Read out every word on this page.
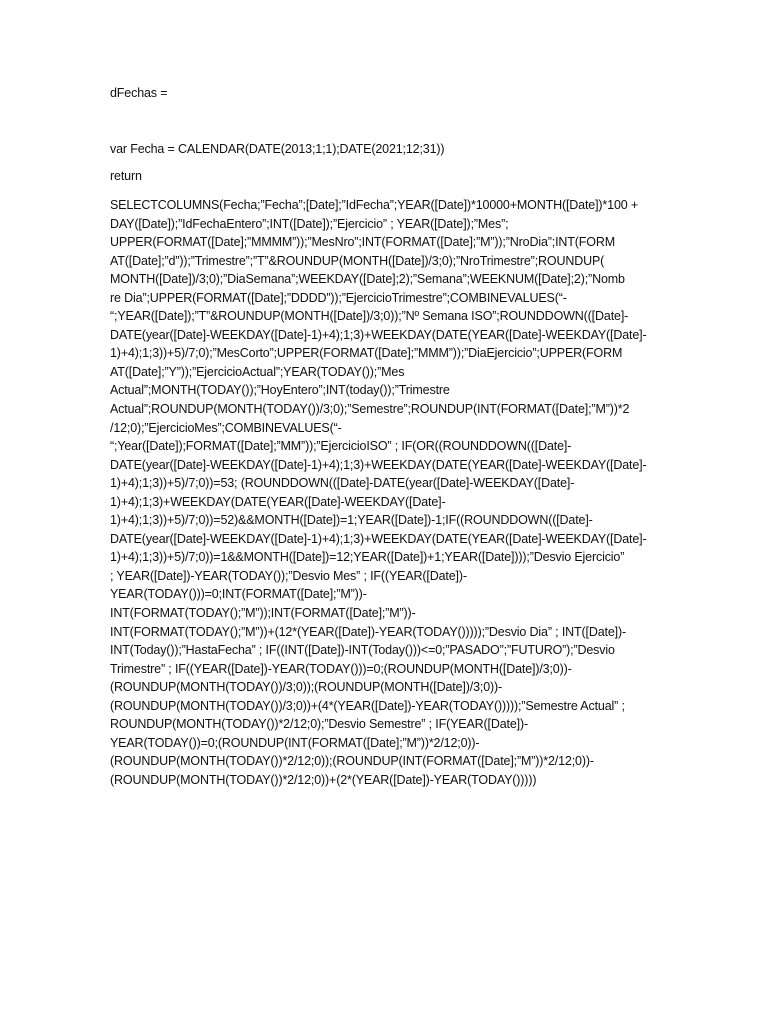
dFechas =

var Fecha = CALENDAR(DATE(2013;1;1);DATE(2021;12;31))

return

SELECTCOLUMNS(Fecha;”Fecha”;[Date];”IdFecha”;YEAR([Date])*10000+MONTH([Date])*100 +
DAY([Date]);”IdFechaEntero”;INT([Date]);”Ejercicio” ; YEAR([Date]);”Mes”;
UPPER(FORMAT([Date];”MMMM”));”MesNro”;INT(FORMAT([Date];”M”));”NroDia”;INT(FORM
AT([Date];”d”));”Trimestre”;”T”&ROUNDUP(MONTH([Date])/3;0);”NroTrimestre”;ROUNDUP(
MONTH([Date])/3;0);”DiaSemana”;WEEKDAY([Date];2);”Semana”;WEEKNUM([Date];2);”Nomb
re Dia”;UPPER(FORMAT([Date];”DDDD”));”EjercicioTrimestre”;COMBINEVALUES(“-
“;YEAR([Date]);”T”&ROUNDUP(MONTH([Date])/3;0));”Nº Semana ISO”;ROUNDDOWN(([Date]-
DATE(year([Date]-WEEKDAY([Date]-1)+4);1;3)+WEEKDAY(DATE(YEAR([Date]-WEEKDAY([Date]-
1)+4);1;3))+5)/7;0);”MesCorto”;UPPER(FORMAT([Date];”MMM”));”DiaEjercicio”;UPPER(FORM
AT([Date];”Y”));”EjercicioActual”;YEAR(TODAY());”Mes
Actual”;MONTH(TODAY());”HoyEntero”;INT(today());”Trimestre
Actual”;ROUNDUP(MONTH(TODAY())/3;0);”Semestre”;ROUNDUP(INT(FORMAT([Date];”M”))*2
/12;0);”EjercicioMes”;COMBINEVALUES(“-
“;Year([Date]);FORMAT([Date];”MM”));”EjercicioISO” ; IF(OR((ROUNDDOWN(([Date]-
DATE(year([Date]-WEEKDAY([Date]-1)+4);1;3)+WEEKDAY(DATE(YEAR([Date]-WEEKDAY([Date]-
1)+4);1;3))+5)/7;0))=53; (ROUNDDOWN(([Date]-DATE(year([Date]-WEEKDAY([Date]-
1)+4);1;3)+WEEKDAY(DATE(YEAR([Date]-WEEKDAY([Date]-
1)+4);1;3))+5)/7;0))=52)&&MONTH([Date])=1;YEAR([Date])-1;IF((ROUNDDOWN(([Date]-
DATE(year([Date]-WEEKDAY([Date]-1)+4);1;3)+WEEKDAY(DATE(YEAR([Date]-WEEKDAY([Date]-
1)+4);1;3))+5)/7;0))=1&&MONTH([Date])=12;YEAR([Date])+1;YEAR([Date])));”Desvio Ejercicio”
; YEAR([Date])-YEAR(TODAY());”Desvio Mes” ; IF((YEAR([Date])-
YEAR(TODAY()))=0;INT(FORMAT([Date];”M”))-
INT(FORMAT(TODAY();”M”));INT(FORMAT([Date];”M”))-
INT(FORMAT(TODAY();”M”))+(12*(YEAR([Date])-YEAR(TODAY()))));”Desvio Dia” ; INT([Date])-
INT(Today());”HastaFecha” ; IF((INT([Date])-INT(Today()))<=0;”PASADO”;”FUTURO”);”Desvio
Trimestre” ; IF((YEAR([Date])-YEAR(TODAY()))=0;(ROUNDUP(MONTH([Date])/3;0))-
(ROUNDUP(MONTH(TODAY())/3;0));(ROUNDUP(MONTH([Date])/3;0))-
(ROUNDUP(MONTH(TODAY())/3;0))+(4*(YEAR([Date])-YEAR(TODAY()))));”Semestre Actual” ;
ROUNDUP(MONTH(TODAY())*2/12;0);”Desvio Semestre” ; IF(YEAR([Date])-
YEAR(TODAY())=0;(ROUNDUP(INT(FORMAT([Date];”M”))*2/12;0))-
(ROUNDUP(MONTH(TODAY())*2/12;0));(ROUNDUP(INT(FORMAT([Date];”M”))*2/12;0))-
(ROUNDUP(MONTH(TODAY())*2/12;0))+(2*(YEAR([Date])-YEAR(TODAY()))))
